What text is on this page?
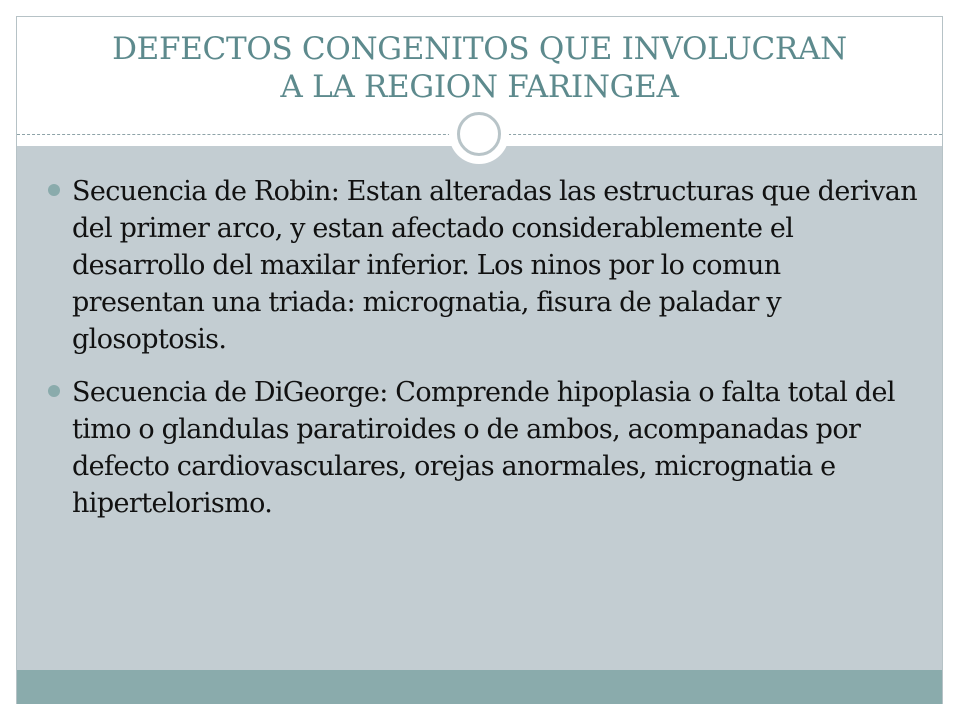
DEFECTOS CONGENITOS QUE INVOLUCRAN
A LA REGION FARINGEA
Secuencia de Robin: Estan alteradas las estructuras que derivan del primer arco, y estan afectado considerablemente el desarrollo del maxilar inferior. Los ninos por lo comun presentan una triada: micrognatia, fisura de paladar y glosoptosis.
Secuencia de DiGeorge: Comprende hipoplasia o falta total del timo o glandulas paratiroides o de ambos, acompanadas por defecto cardiovasculares, orejas anormales, micrognatia e hipertelorismo.
